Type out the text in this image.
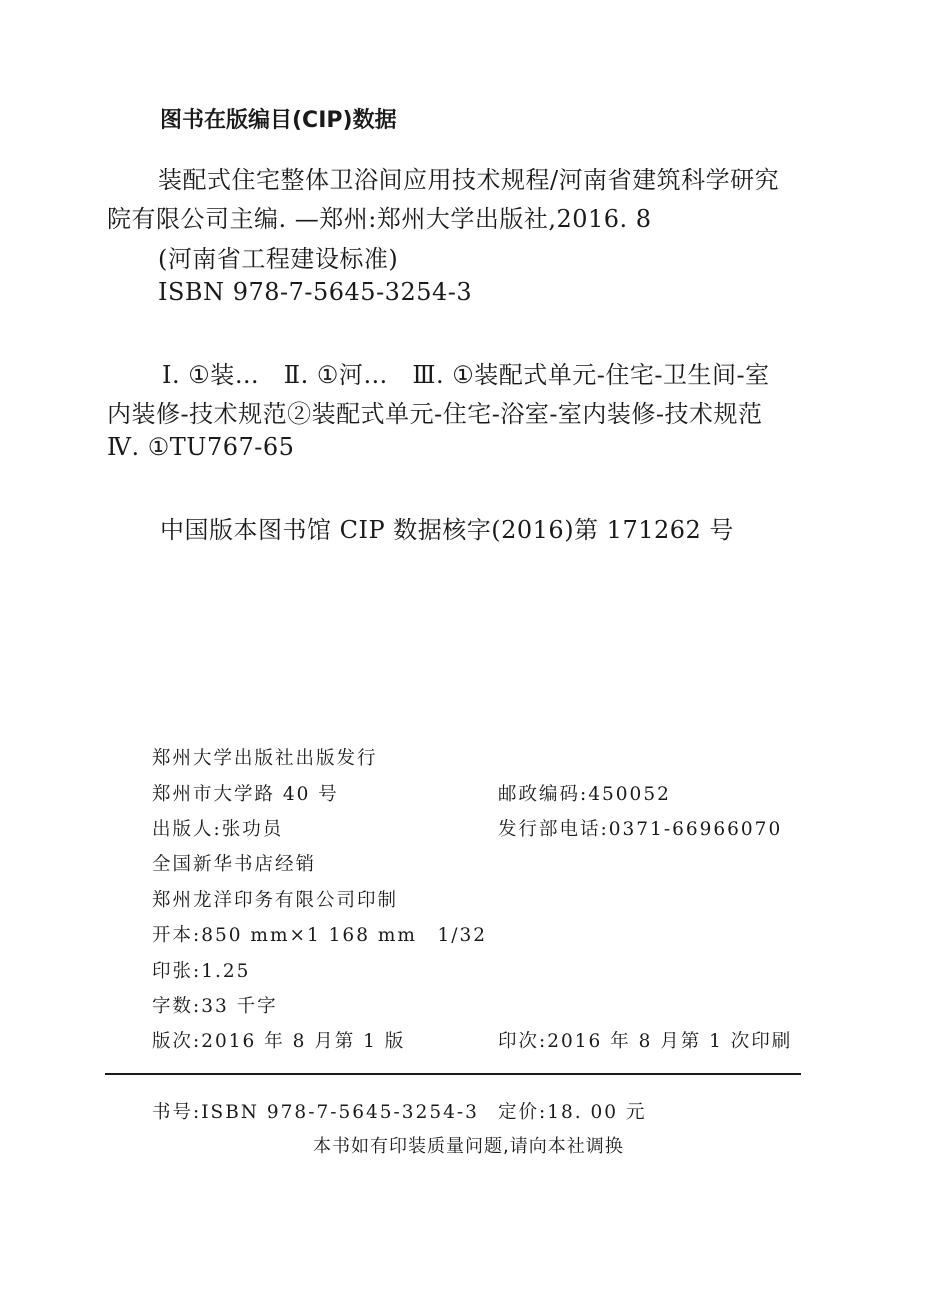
图书在版编目(CIP)数据
装配式住宅整体卫浴间应用技术规程/河南省建筑科学研究
院有限公司主编. —郑州:郑州大学出版社,2016. 8
(河南省工程建设标准)
ISBN 978-7-5645-3254-3
Ⅰ. ①装…　Ⅱ. ①河…　Ⅲ. ①装配式单元-住宅-卫生间-室
内装修-技术规范②装配式单元-住宅-浴室-室内装修-技术规范
Ⅳ. ①TU767-65
中国版本图书馆 CIP 数据核字(2016)第 171262 号
郑州大学出版社出版发行
郑州市大学路 40 号	邮政编码:450052
出版人:张功员	发行部电话:0371-66966070
全国新华书店经销
郑州龙洋印务有限公司印制
开本:850 mm×1 168 mm　1/32
印张:1.25
字数:33 千字
版次:2016 年 8 月第 1 版	印次:2016 年 8 月第 1 次印刷
书号:ISBN 978-7-5645-3254-3 定价:18. 00 元
本书如有印装质量问题,请向本社调换
